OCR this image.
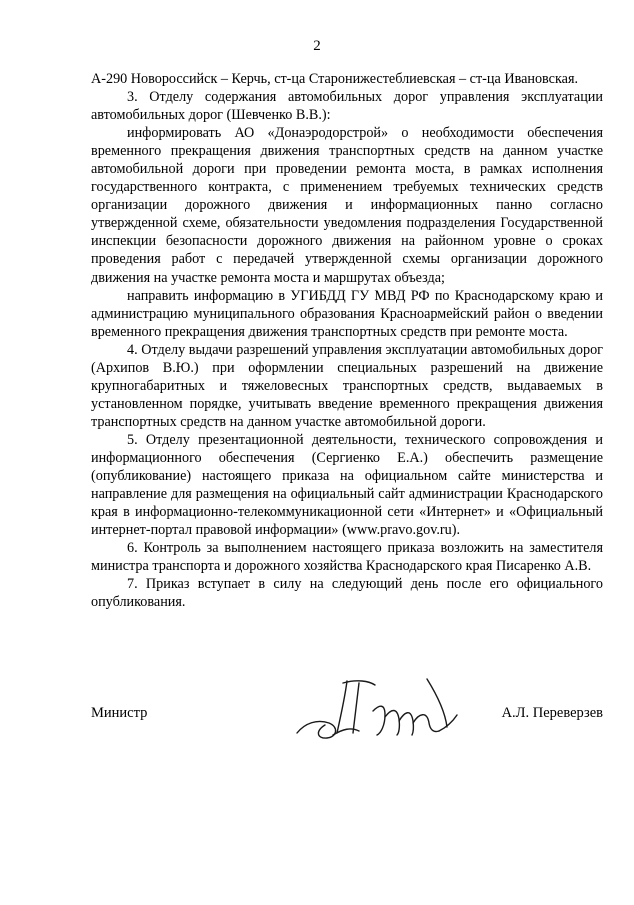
2

А-290 Новороссийск – Керчь, ст-ца Старонижестеблиевская – ст-ца Ивановская.

3. Отделу содержания автомобильных дорог управления эксплуатации автомобильных дорог (Шевченко В.В.):

информировать АО «Донаэродорстрой» о необходимости обеспечения временного прекращения движения транспортных средств на данном участке автомобильной дороги при проведении ремонта моста, в рамках исполнения государственного контракта, с применением требуемых технических средств организации дорожного движения и информационных панно согласно утвержденной схеме, обязательности уведомления подразделения Государственной инспекции безопасности дорожного движения на районном уровне о сроках проведения работ с передачей утвержденной схемы организации дорожного движения на участке ремонта моста и маршрутах объезда;

направить информацию в УГИБДД ГУ МВД РФ по Краснодарскому краю и администрацию муниципального образования Красноармейский район о введении временного прекращения движения транспортных средств при ремонте моста.

4. Отделу выдачи разрешений управления эксплуатации автомобильных дорог (Архипов В.Ю.) при оформлении специальных разрешений на движение крупногабаритных и тяжеловесных транспортных средств, выдаваемых в установленном порядке, учитывать введение временного прекращения движения транспортных средств на данном участке автомобильной дороги.

5. Отделу презентационной деятельности, технического сопровождения и информационного обеспечения (Сергиенко Е.А.) обеспечить размещение (опубликование) настоящего приказа на официальном сайте министерства и направление для размещения на официальный сайт администрации Краснодарского края в информационно-телекоммуникационной сети «Интернет» и «Официальный интернет-портал правовой информации» (www.pravo.gov.ru).

6. Контроль за выполнением настоящего приказа возложить на заместителя министра транспорта и дорожного хозяйства Краснодарского края Писаренко А.В.

7. Приказ вступает в силу на следующий день после его официального опубликования.

Министр	А.Л. Переверзев
